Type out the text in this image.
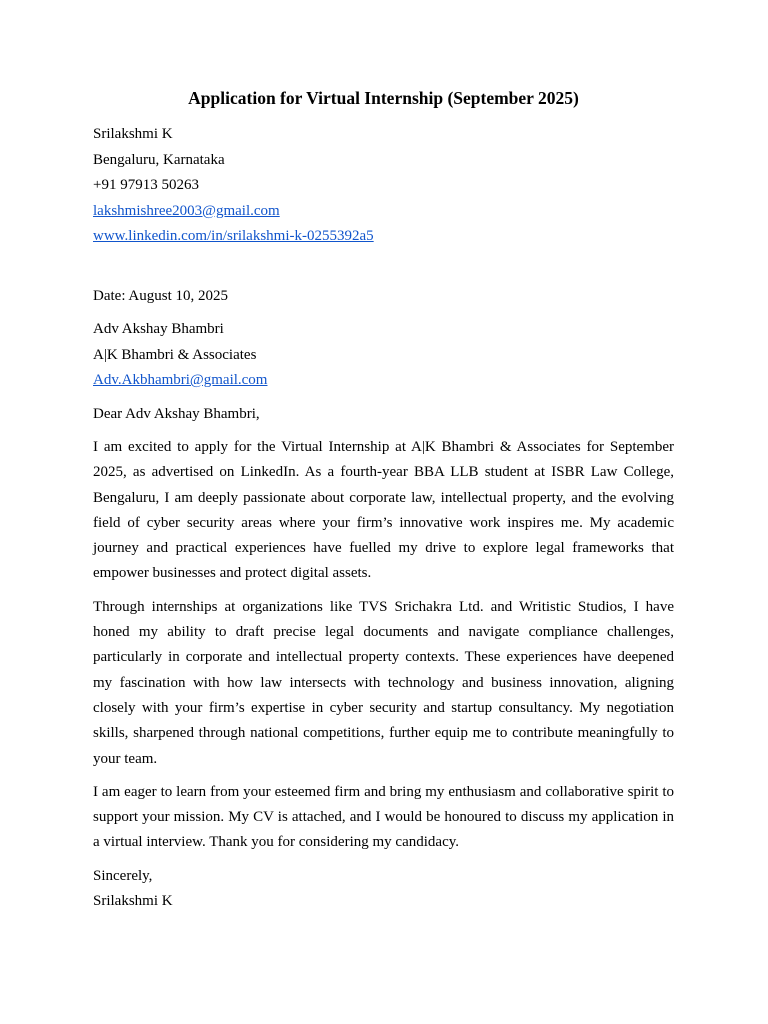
Application for Virtual Internship (September 2025)
Srilakshmi K
Bengaluru, Karnataka
+91 97913 50263
lakshmishree2003@gmail.com
www.linkedin.com/in/srilakshmi-k-0255392a5
Date: August 10, 2025
Adv Akshay Bhambri
A|K Bhambri & Associates
Adv.Akbhambri@gmail.com
Dear Adv Akshay Bhambri,

I am excited to apply for the Virtual Internship at A|K Bhambri & Associates for September 2025, as advertised on LinkedIn. As a fourth-year BBA LLB student at ISBR Law College, Bengaluru, I am deeply passionate about corporate law, intellectual property, and the evolving field of cyber security areas where your firm’s innovative work inspires me. My academic journey and practical experiences have fuelled my drive to explore legal frameworks that empower businesses and protect digital assets.

Through internships at organizations like TVS Srichakra Ltd. and Writistic Studios, I have honed my ability to draft precise legal documents and navigate compliance challenges, particularly in corporate and intellectual property contexts. These experiences have deepened my fascination with how law intersects with technology and business innovation, aligning closely with your firm’s expertise in cyber security and startup consultancy. My negotiation skills, sharpened through national competitions, further equip me to contribute meaningfully to your team.

I am eager to learn from your esteemed firm and bring my enthusiasm and collaborative spirit to support your mission. My CV is attached, and I would be honoured to discuss my application in a virtual interview. Thank you for considering my candidacy.

Sincerely,
Srilakshmi K
